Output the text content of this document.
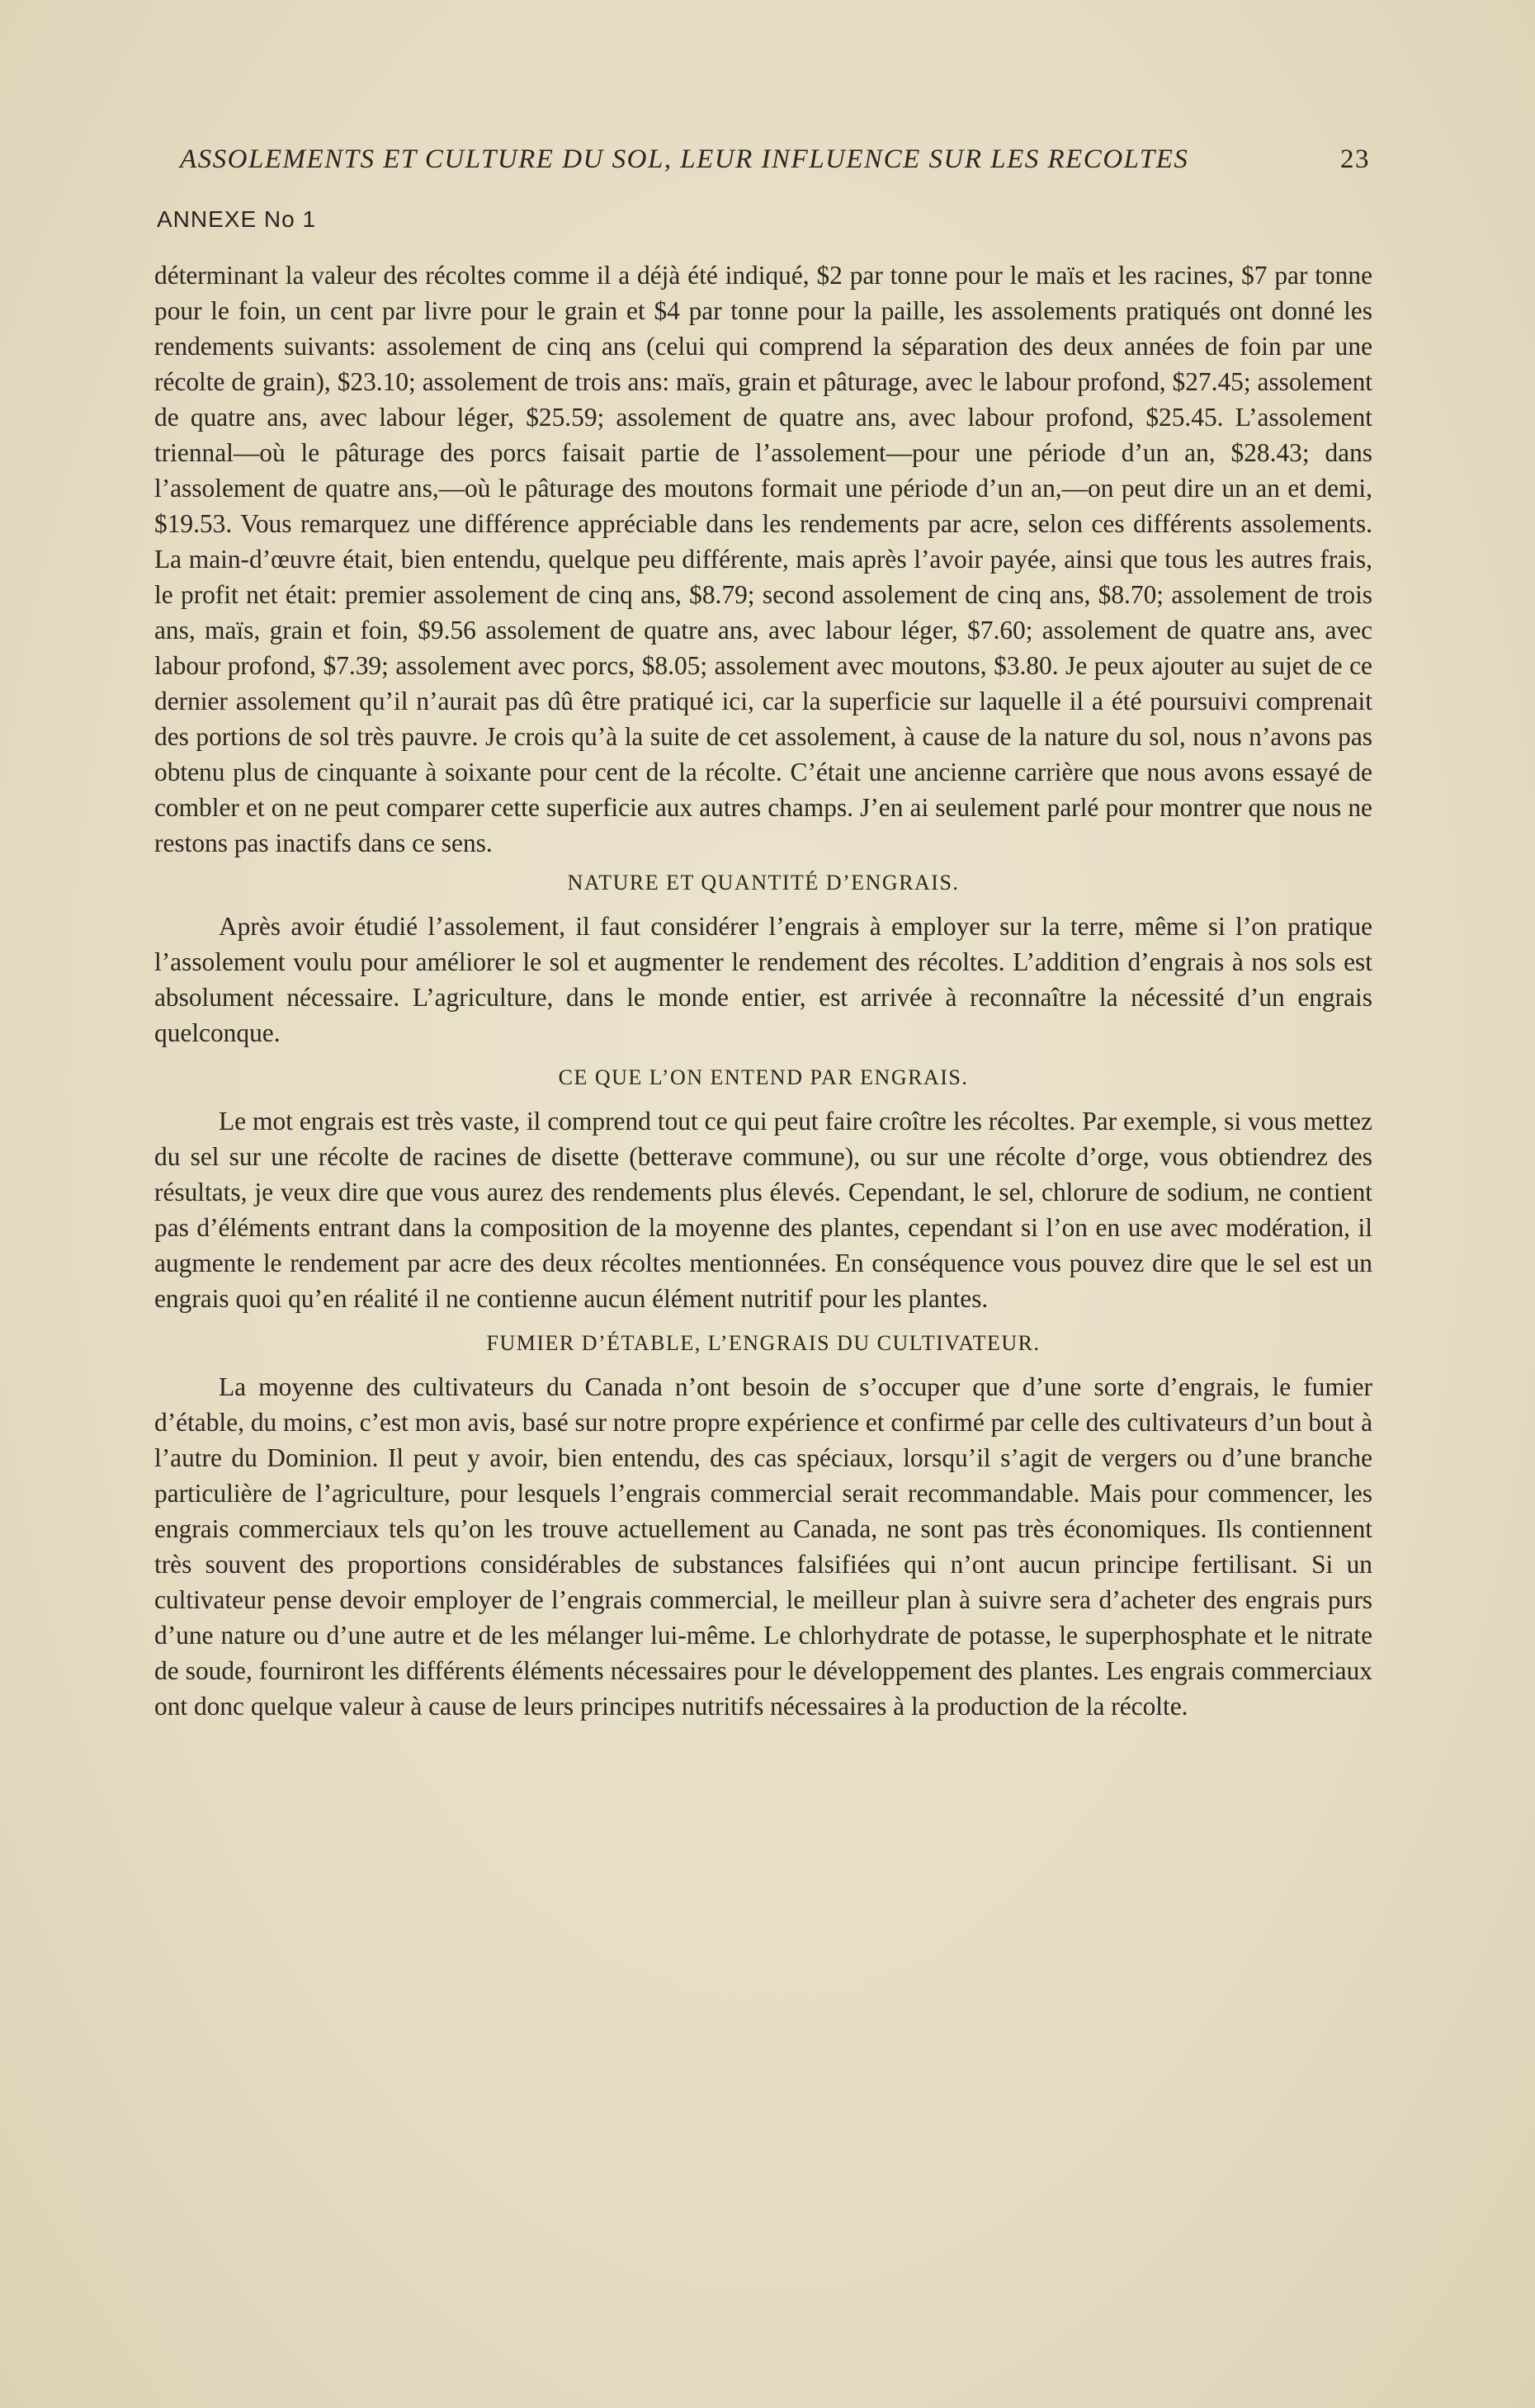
ASSOLEMENTS ET CULTURE DU SOL, LEUR INFLUENCE SUR LES RECOLTES	23
ANNEXE No 1

déterminant la valeur des récoltes comme il a déjà été indiqué, $2 par tonne pour le maïs et les racines, $7 par tonne pour le foin, un cent par livre pour le grain et $4 par tonne pour la paille, les assolements pratiqués ont donné les rendements suivants: assolement de cinq ans (celui qui comprend la séparation des deux années de foin par une récolte de grain), $23.10; assolement de trois ans: maïs, grain et pâturage, avec le labour profond, $27.45; assolement de quatre ans, avec labour léger, $25.59; assolement de quatre ans, avec labour profond, $25.45. L’assolement triennal—où le pâturage des porcs faisait partie de l’assolement—pour une période d’un an, $28.43; dans l’assolement de quatre ans,—où le pâturage des moutons formait une période d’un an,—on peut dire un an et demi, $19.53. Vous remarquez une différence appréciable dans les rendements par acre, selon ces différents assolements. La main-d’œuvre était, bien entendu, quelque peu différente, mais après l’avoir payée, ainsi que tous les autres frais, le profit net était: premier assolement de cinq ans, $8.79; second assolement de cinq ans, $8.70; assolement de trois ans, maïs, grain et foin, $9.56 assolement de quatre ans, avec labour léger, $7.60; assolement de quatre ans, avec labour profond, $7.39; assolement avec porcs, $8.05; assolement avec moutons, $3.80. Je peux ajouter au sujet de ce dernier assolement qu’il n’aurait pas dû être pratiqué ici, car la superficie sur laquelle il a été poursuivi comprenait des portions de sol très pauvre. Je crois qu’à la suite de cet assolement, à cause de la nature du sol, nous n’avons pas obtenu plus de cinquante à soixante pour cent de la récolte. C’était une ancienne carrière que nous avons essayé de combler et on ne peut comparer cette superficie aux autres champs. J’en ai seulement parlé pour montrer que nous ne restons pas inactifs dans ce sens.

NATURE ET QUANTITÉ D’ENGRAIS.

Après avoir étudié l’assolement, il faut considérer l’engrais à employer sur la terre, même si l’on pratique l’assolement voulu pour améliorer le sol et augmenter le rendement des récoltes. L’addition d’engrais à nos sols est absolument nécessaire. L’agriculture, dans le monde entier, est arrivée à reconnaître la nécessité d’un engrais quelconque.

CE QUE L’ON ENTEND PAR ENGRAIS.

Le mot engrais est très vaste, il comprend tout ce qui peut faire croître les récoltes. Par exemple, si vous mettez du sel sur une récolte de racines de disette (betterave commune), ou sur une récolte d’orge, vous obtiendrez des résultats, je veux dire que vous aurez des rendements plus élevés. Cependant, le sel, chlorure de sodium, ne contient pas d’éléments entrant dans la composition de la moyenne des plantes, cependant si l’on en use avec modération, il augmente le rendement par acre des deux récoltes mentionnées. En conséquence vous pouvez dire que le sel est un engrais quoi qu’en réalité il ne contienne aucun élément nutritif pour les plantes.

FUMIER D’ÉTABLE, L’ENGRAIS DU CULTIVATEUR.

La moyenne des cultivateurs du Canada n’ont besoin de s’occuper que d’une sorte d’engrais, le fumier d’étable, du moins, c’est mon avis, basé sur notre propre expérience et confirmé par celle des cultivateurs d’un bout à l’autre du Dominion. Il peut y avoir, bien entendu, des cas spéciaux, lorsqu’il s’agit de vergers ou d’une branche particulière de l’agriculture, pour lesquels l’engrais commercial serait recommandable. Mais pour commencer, les engrais commerciaux tels qu’on les trouve actuellement au Canada, ne sont pas très économiques. Ils contiennent très souvent des proportions considérables de substances falsifiées qui n’ont aucun principe fertilisant. Si un cultivateur pense devoir employer de l’engrais commercial, le meilleur plan à suivre sera d’acheter des engrais purs d’une nature ou d’une autre et de les mélanger lui-même. Le chlorhydrate de potasse, le superphosphate et le nitrate de soude, fourniront les différents éléments nécessaires pour le développement des plantes. Les engrais commerciaux ont donc quelque valeur à cause de leurs principes nutritifs nécessaires à la production de la récolte.
